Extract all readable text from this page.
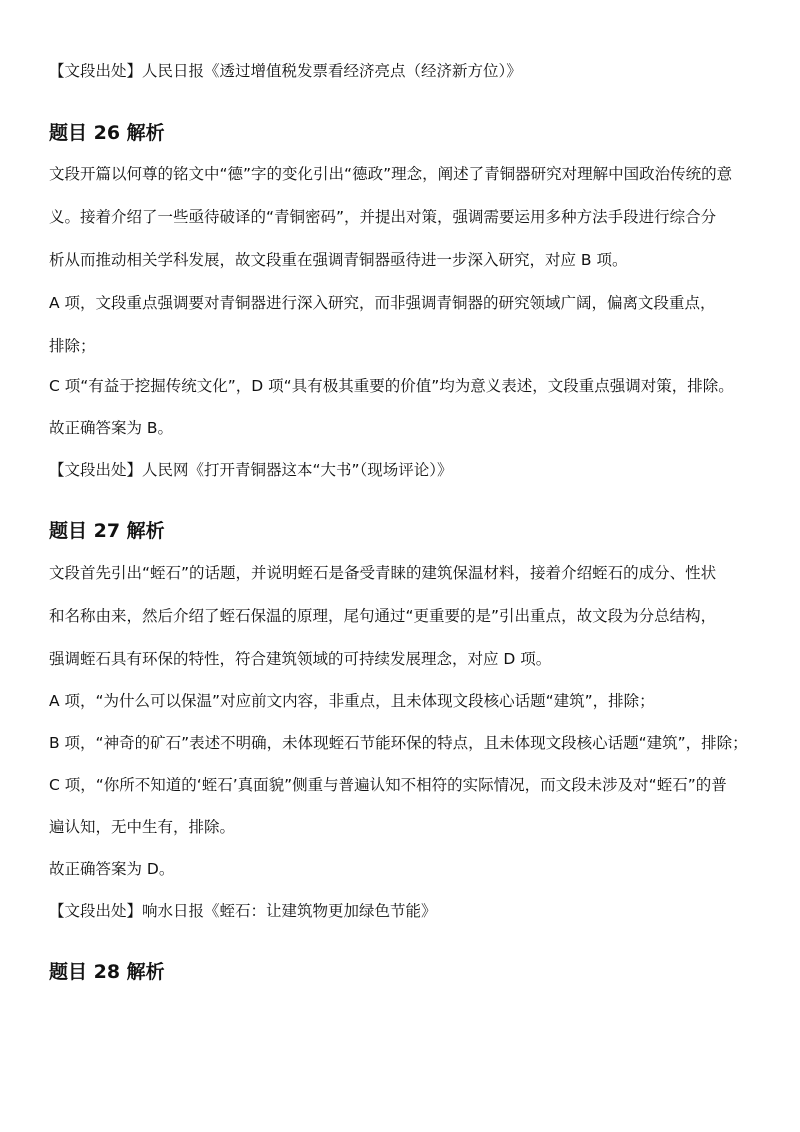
【文段出处】人民日报《透过增值税发票看经济亮点（经济新方位）》
题目 26 解析
文段开篇以何尊的铭文中“德”字的变化引出“德政”理念，阐述了青铜器研究对理解中国政治传统的意
义。接着介绍了一些亟待破译的“青铜密码”，并提出对策，强调需要运用多种方法手段进行综合分
析从而推动相关学科发展，故文段重在强调青铜器亟待进一步深入研究，对应 B 项。
A 项，文段重点强调要对青铜器进行深入研究，而非强调青铜器的研究领域广阔，偏离文段重点，
排除；
C 项“有益于挖掘传统文化”，D 项“具有极其重要的价值”均为意义表述，文段重点强调对策，排除。
故正确答案为 B。
【文段出处】人民网《打开青铜器这本“大书”（现场评论）》
题目 27 解析
文段首先引出“蛭石”的话题，并说明蛭石是备受青睐的建筑保温材料，接着介绍蛭石的成分、性状
和名称由来，然后介绍了蛭石保温的原理，尾句通过“更重要的是”引出重点，故文段为分总结构，
强调蛭石具有环保的特性，符合建筑领域的可持续发展理念，对应 D 项。
A 项，“为什么可以保温”对应前文内容，非重点，且未体现文段核心话题“建筑”，排除；
B 项，“神奇的矿石”表述不明确，未体现蛭石节能环保的特点，且未体现文段核心话题“建筑”，排除；
C 项，“你所不知道的‘蛭石’真面貌”侧重与普遍认知不相符的实际情况，而文段未涉及对“蛭石”的普
遍认知，无中生有，排除。
故正确答案为 D。
【文段出处】响水日报《蛭石：让建筑物更加绿色节能》
题目 28 解析
